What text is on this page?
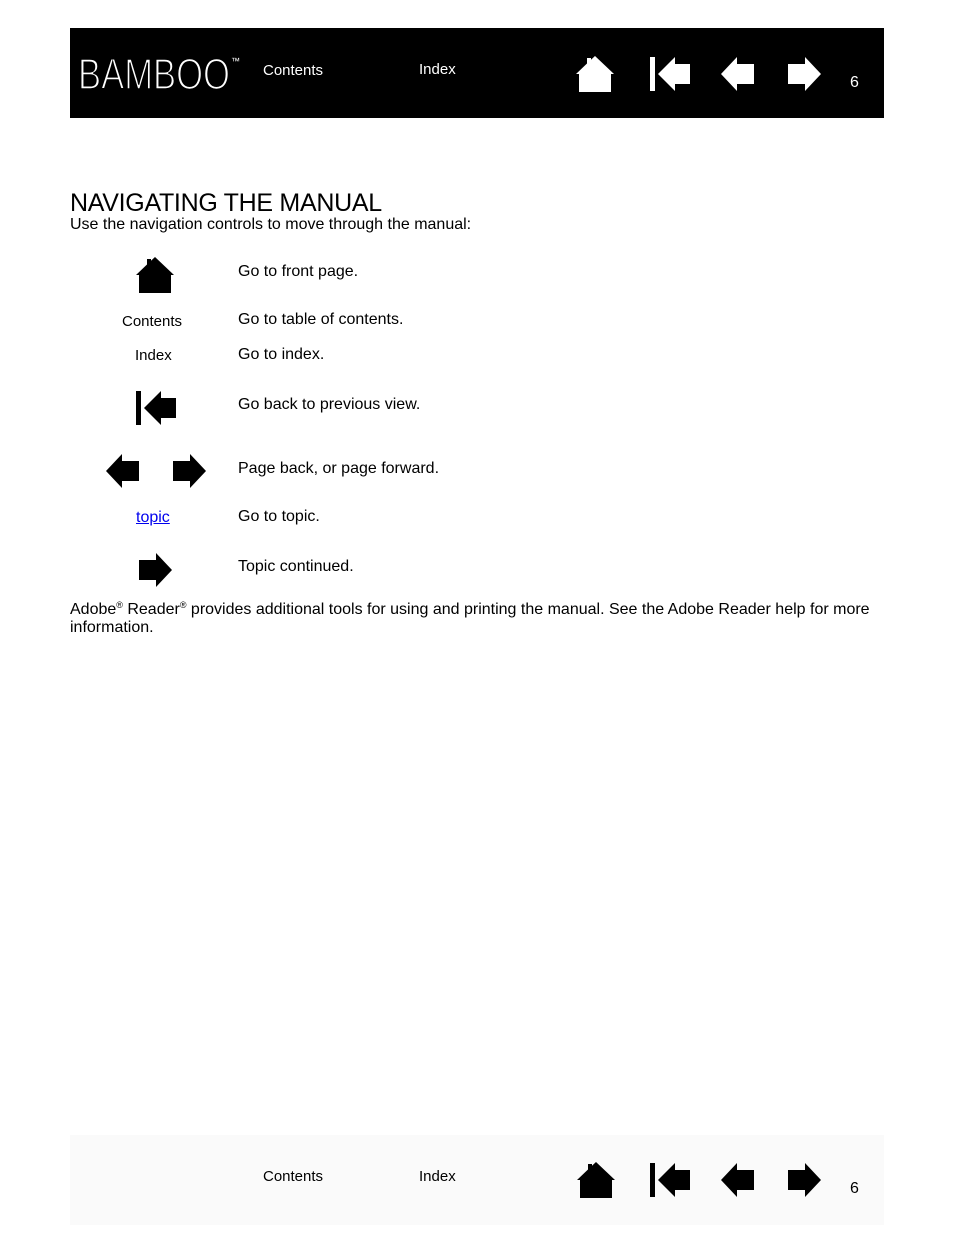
BAMBOO ™
Contents	Index
6
NAVIGATING THE MANUAL

Use the navigation controls to move through the manual:

Go to front page.
Contents	Go to table of contents.
Index	Go to index.
Go back to previous view.
Page back, or page forward.
topic	Go to topic.
Topic continued.

Adobe® Reader® provides additional tools for using and printing the manual. See the Adobe Reader help for more information.

Contents	Index
6
